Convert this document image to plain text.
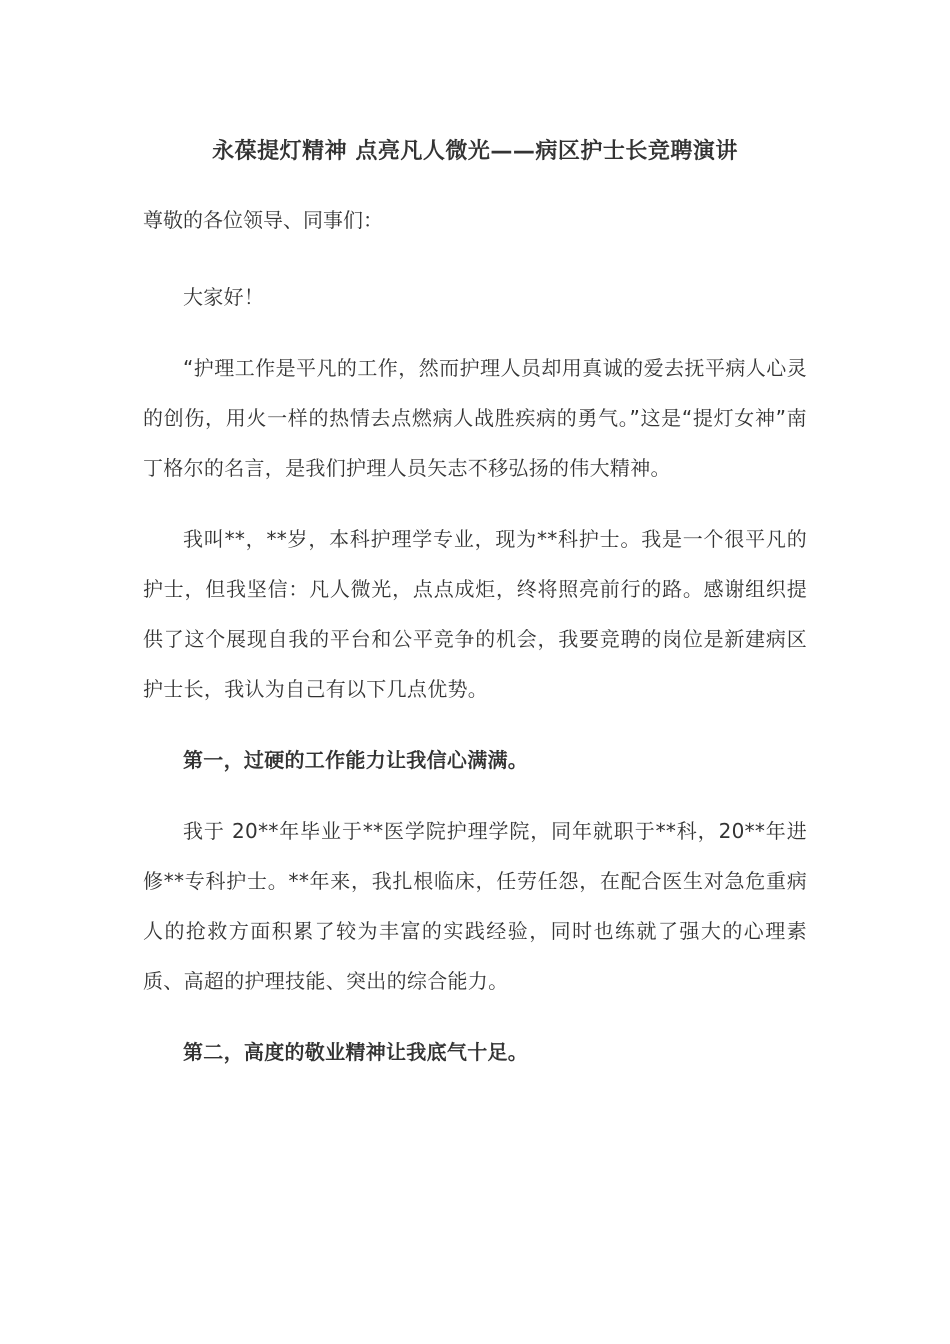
永葆提灯精神 点亮凡人微光——病区护士长竞聘演讲
尊敬的各位领导、同事们：
大家好！
“护理工作是平凡的工作，然而护理人员却用真诚的爱去抚平病人心灵的创伤，用火一样的热情去点燃病人战胜疾病的勇气。”这是“提灯女神”南丁格尔的名言，是我们护理人员矢志不移弘扬的伟大精神。
我叫**，**岁，本科护理学专业，现为**科护士。我是一个很平凡的护士，但我坚信：凡人微光，点点成炬，终将照亮前行的路。感谢组织提供了这个展现自我的平台和公平竞争的机会，我要竞聘的岗位是新建病区护士长，我认为自己有以下几点优势。
第一，过硬的工作能力让我信心满满。
我于 20**年毕业于**医学院护理学院，同年就职于**科，20**年进修**专科护士。**年来，我扎根临床，任劳任怨，在配合医生对急危重病人的抢救方面积累了较为丰富的实践经验，同时也练就了强大的心理素质、高超的护理技能、突出的综合能力。
第二，高度的敬业精神让我底气十足。
